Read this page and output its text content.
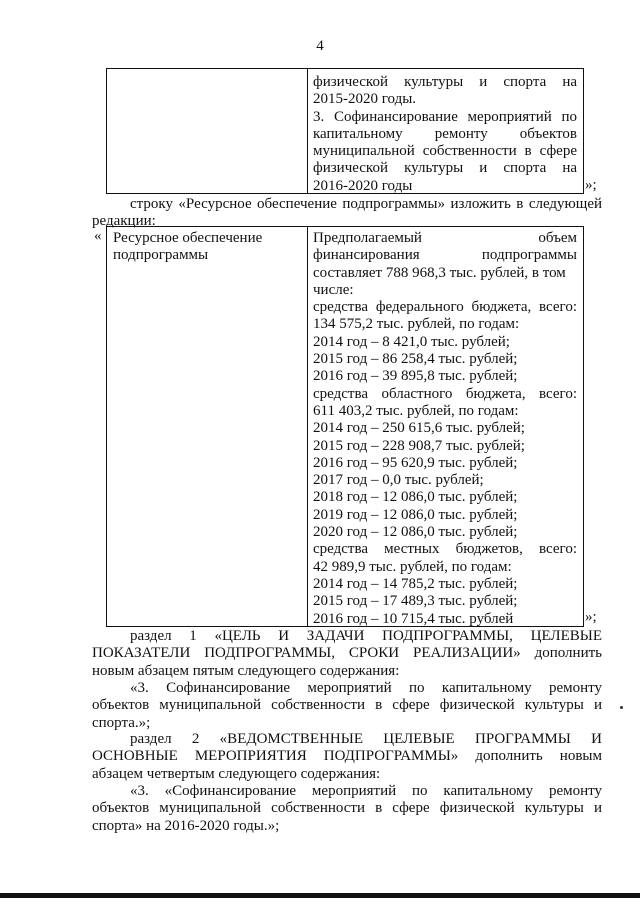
4
физической культуры и спорта на
2015-2020 годы.
3. Софинансирование мероприятий по
капитальному ремонту объектов
муниципальной собственности в сфере
физической культуры и спорта на
2016-2020 годы	»;
строку «Ресурсное обеспечение подпрограммы» изложить в следующей
редакции:
« Ресурсное обеспечение
подпрограммы
Предполагаемый объем
финансирования подпрограммы
составляет 788 968,3 тыс. рублей, в том
числе:
средства федерального бюджета, всего:
134 575,2 тыс. рублей, по годам:
2014 год – 8 421,0 тыс. рублей;
2015 год – 86 258,4 тыс. рублей;
2016 год – 39 895,8 тыс. рублей;
средства областного бюджета, всего:
611 403,2 тыс. рублей, по годам:
2014 год – 250 615,6 тыс. рублей;
2015 год – 228 908,7 тыс. рублей;
2016 год – 95 620,9 тыс. рублей;
2017 год – 0,0 тыс. рублей;
2018 год – 12 086,0 тыс. рублей;
2019 год – 12 086,0 тыс. рублей;
2020 год – 12 086,0 тыс. рублей;
средства местных бюджетов, всего:
42 989,9 тыс. рублей, по годам:
2014 год – 14 785,2 тыс. рублей;
2015 год – 17 489,3 тыс. рублей;
2016 год – 10 715,4 тыс. рублей	»;
раздел 1 «ЦЕЛЬ И ЗАДАЧИ ПОДПРОГРАММЫ, ЦЕЛЕВЫЕ
ПОКАЗАТЕЛИ ПОДПРОГРАММЫ, СРОКИ РЕАЛИЗАЦИИ» дополнить
новым абзацем пятым следующего содержания:
«3. Софинансирование мероприятий по капитальному ремонту
объектов муниципальной собственности в сфере физической культуры и
спорта.»;
раздел 2 «ВЕДОМСТВЕННЫЕ ЦЕЛЕВЫЕ ПРОГРАММЫ И
ОСНОВНЫЕ МЕРОПРИЯТИЯ ПОДПРОГРАММЫ» дополнить новым
абзацем четвертым следующего содержания:
«3. «Софинансирование мероприятий по капитальному ремонту
объектов муниципальной собственности в сфере физической культуры и
спорта» на 2016-2020 годы.»;
